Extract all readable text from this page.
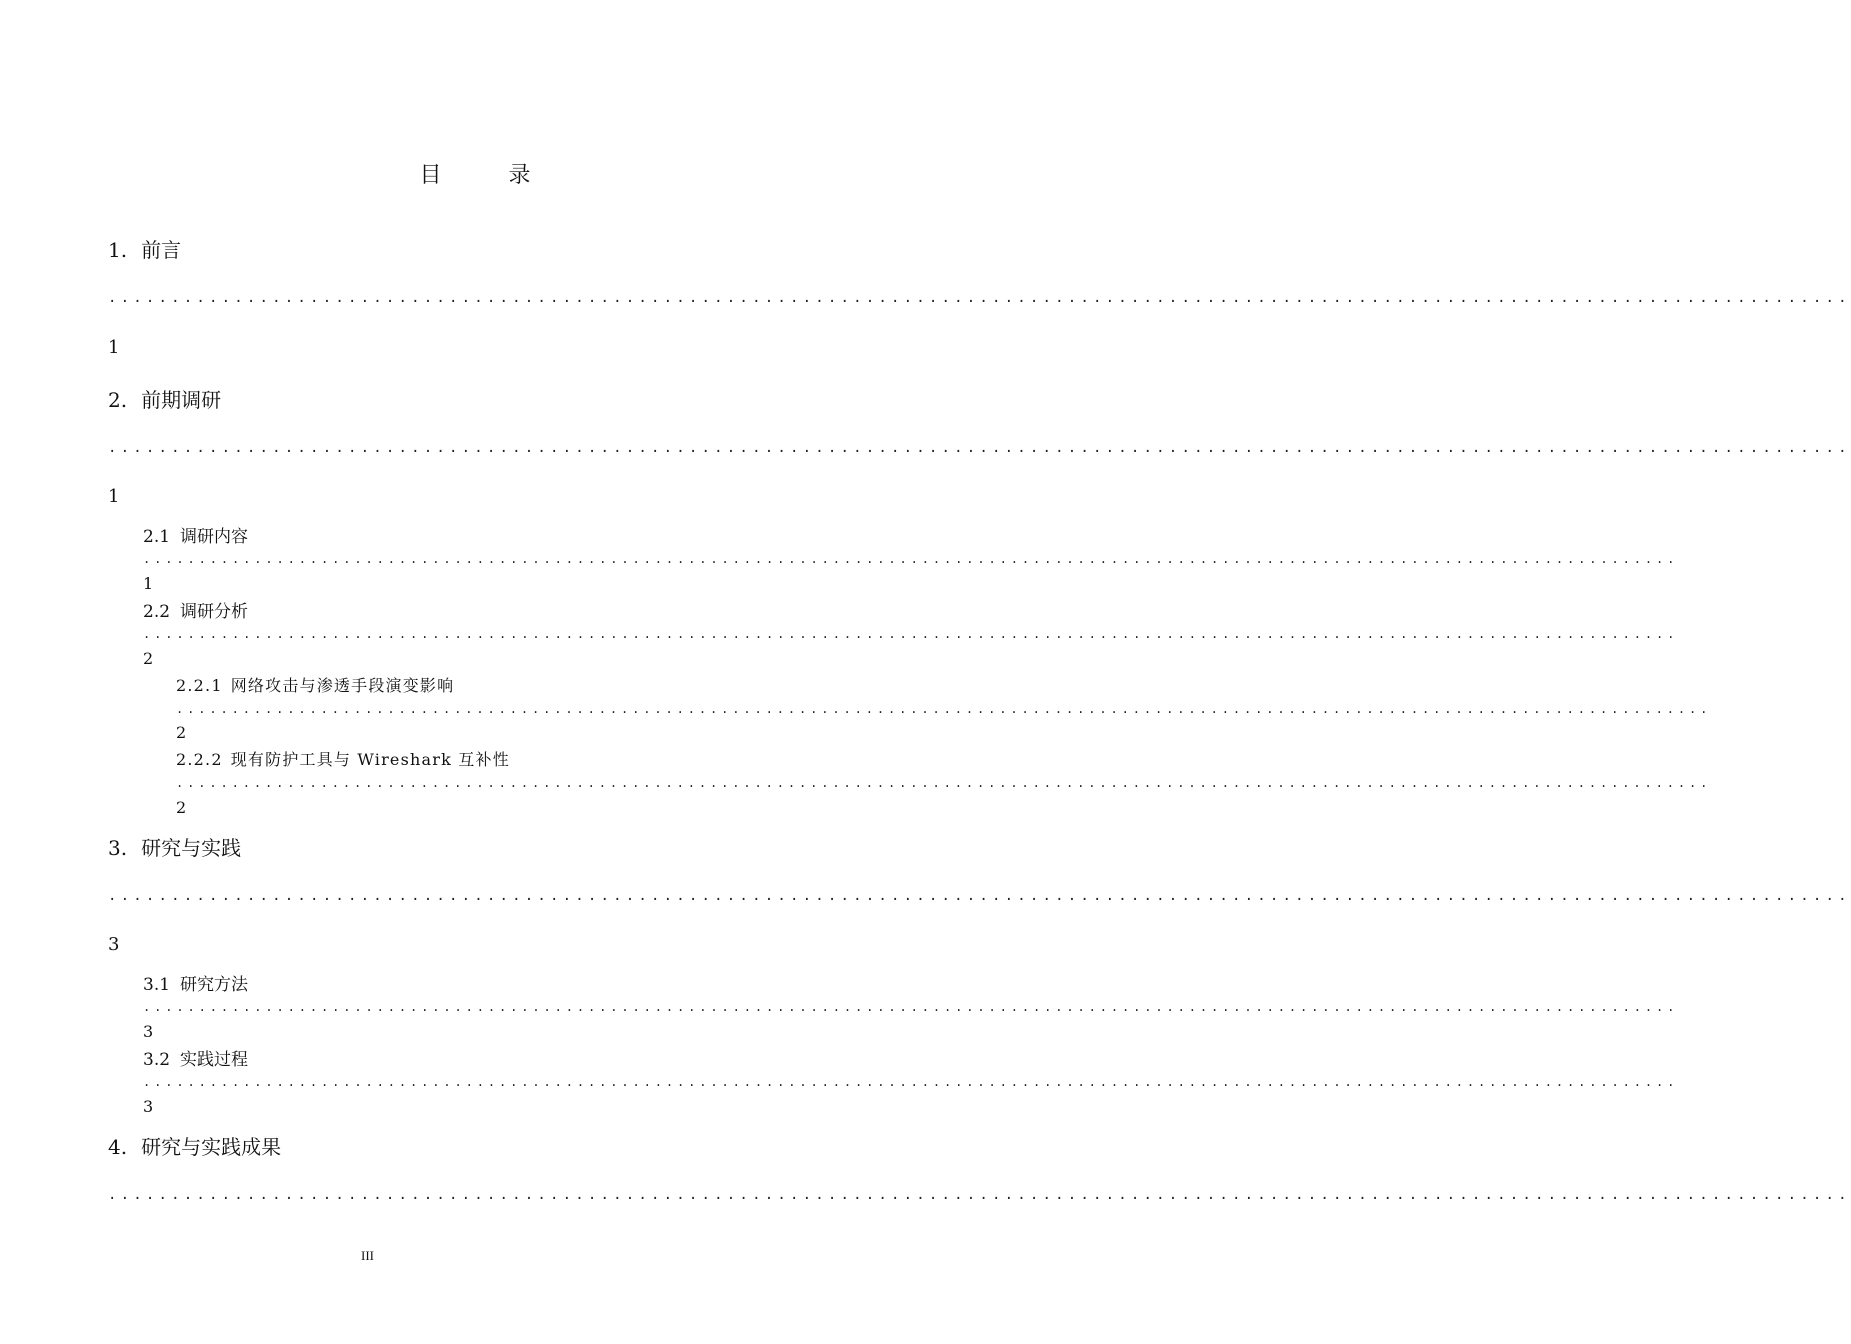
目 录
1. 前言
..........................................................................................................................................
1
2. 前期调研
..........................................................................................................................................
1
2.1 调研内容
..........................................................................................................................................
1
2.2 调研分析
..........................................................................................................................................
2
2.2.1 网络攻击与渗透手段演变影响
..........................................................................................................................................
2
2.2.2 现有防护工具与 Wireshark 互补性
..........................................................................................................................................
2
3. 研究与实践
..........................................................................................................................................
3
3.1 研究方法
..........................................................................................................................................
3
3.2 实践过程
..........................................................................................................................................
3
4. 研究与实践成果
..........................................................................................................................................
III
